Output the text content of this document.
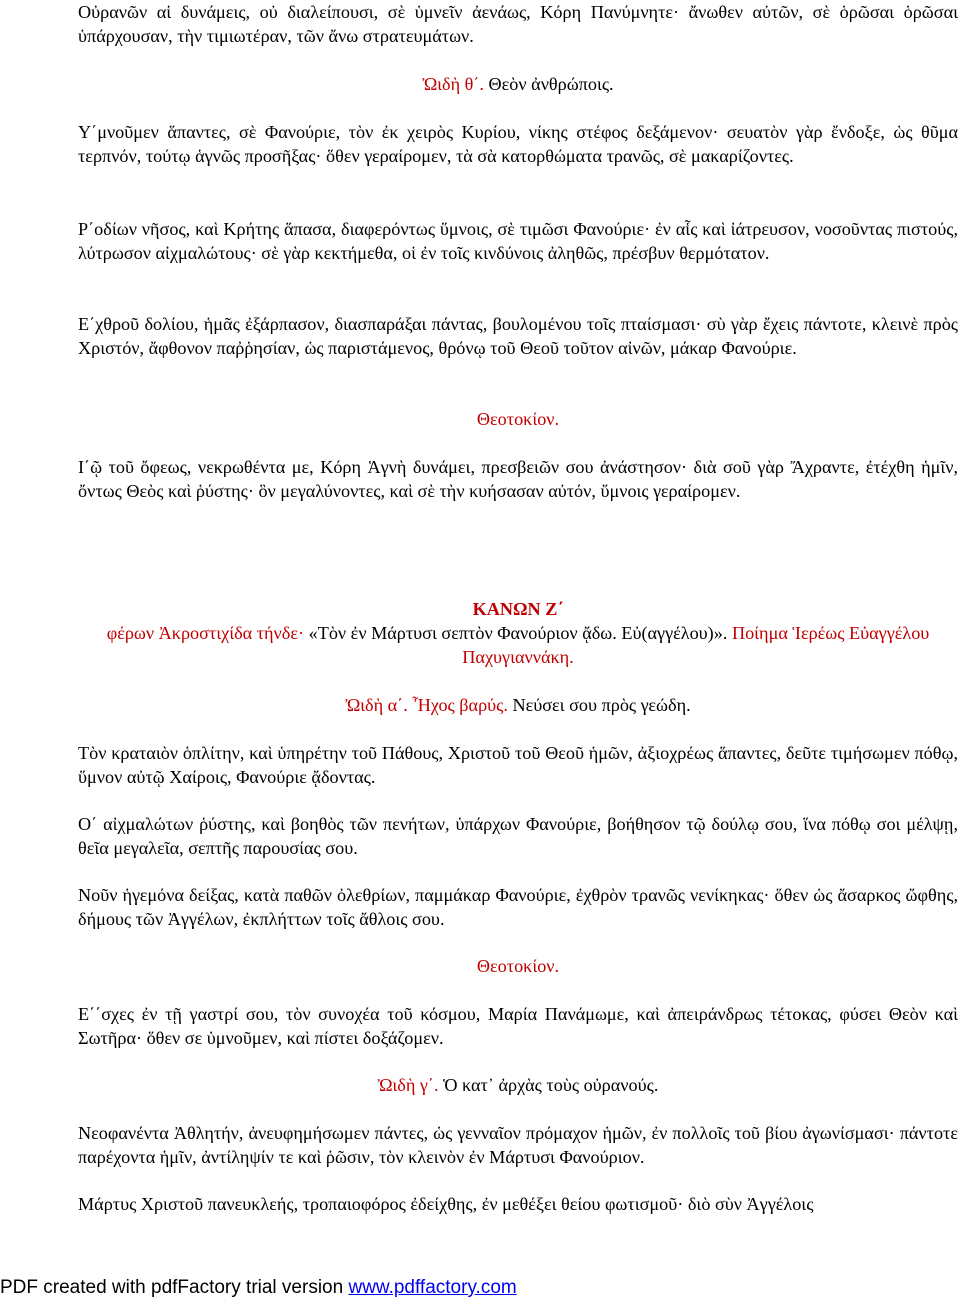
Οὐρανῶν αἱ δυνάμεις, οὐ διαλείπουσι, σὲ ὑμνεῖν ἀενάως, Κόρη Πανύμνητε· ἄνωθεν αὐτῶν, σὲ ὁρῶσαι ὁρῶσαι ὑπάρχουσαν, τὴν τιμιωτέραν, τῶν ἄνω στρατευμάτων.

Ὠιδὴ θ΄. Θεὸν ἀνθρώποις.

Υ΄μνοῦμεν ἅπαντες, σὲ Φανούριε, τὸν ἐκ χειρὸς Κυρίου, νίκης στέφος δεξάμενον· σευατὸν γὰρ ἔνδοξε, ὡς θῦμα τερπνόν, τούτῳ ἁγνῶς προσῆξας· ὅθεν γεραίρομεν, τὰ σὰ κατορθώματα τρανῶς, σὲ μακαρίζοντες.

Ρ΄οδίων νῆσος, καὶ Κρήτης ἅπασα, διαφερόντως ὕμνοις, σὲ τιμῶσι Φανούριε· ἐν αἷς καὶ ἰάτρευσον, νοσοῦντας πιστούς, λύτρωσον αἰχμαλώτους· σὲ γὰρ κεκτήμεθα, οἱ ἐν τοῖς κινδύνοις ἀληθῶς, πρέσβυν θερμότατον.

Ε΄χθροῦ δολίου, ἡμᾶς ἐξάρπασον, διασπαράξαι πάντας, βουλομένου τοῖς πταίσμασι· σὺ γὰρ ἔχεις πάντοτε, κλεινὲ πρὸς Χριστόν, ἄφθονον παῤῥησίαν, ὡς παριστάμενος, θρόνῳ τοῦ Θεοῦ τοῦτον αἰνῶν, μάκαρ Φανούριε.

Θεοτοκίον.

Ι΄ῷ τοῦ ὄφεως, νεκρωθέντα με, Κόρη Ἁγνὴ δυνάμει, πρεσβειῶν σου ἀνάστησον· διὰ σοῦ γὰρ Ἄχραντε, ἐτέχθη ἡμῖν, ὄντως Θεὸς καὶ ῥύστης· ὃν μεγαλύνοντες, καὶ σὲ τὴν κυήσασαν αὐτόν, ὕμνοις γεραίρομεν.

ΚΑΝΩΝ Ζ΄

φέρων Ἀκροστιχίδα τήνδε· «Τὸν ἐν Μάρτυσι σεπτὸν Φανούριον ᾄδω. Εὐ(αγγέλου)». Ποίημα Ἱερέως Εὐαγγέλου Παχυγιαννάκη.

Ὠιδὴ α΄. Ἦχος βαρύς. Νεύσει σου πρὸς γεώδη.

Τὸν κραταιὸν ὁπλίτην, καὶ ὑπηρέτην τοῦ Πάθους, Χριστοῦ τοῦ Θεοῦ ἡμῶν, ἀξιοχρέως ἅπαντες, δεῦτε τιμήσωμεν πόθῳ, ὕμνον αὐτῷ Χαίροις, Φανούριε ᾄδοντας.

Ο΄ αἰχμαλώτων ῥύστης, καὶ βοηθὸς τῶν πενήτων, ὑπάρχων Φανούριε, βοήθησον τῷ δούλῳ σου, ἵνα πόθῳ σοι μέλψῃ, θεῖα μεγαλεῖα, σεπτῆς παρουσίας σου.

Νοῦν ἡγεμόνα δείξας, κατὰ παθῶν ὀλεθρίων, παμμάκαρ Φανούριε, ἐχθρὸν τρανῶς νενίκηκας· ὅθεν ὡς ἄσαρκος ὤφθης, δήμους τῶν Ἀγγέλων, ἐκπλήττων τοῖς ἄθλοις σου.

Θεοτοκίον.

Ε΄΄σχες ἐν τῇ γαστρί σου, τὸν συνοχέα τοῦ κόσμου, Μαρία Πανάμωμε, καὶ ἀπειράνδρως τέτοκας, φύσει Θεὸν καὶ Σωτῆρα· ὅθεν σε ὑμνοῦμεν, καὶ πίστει δοξάζομεν.

Ὠιδὴ γ΄. Ὁ κατ᾽ ἀρχὰς τοὺς οὐρανούς.

Νεοφανέντα Ἀθλητήν, ἀνευφημήσωμεν πάντες, ὡς γενναῖον πρόμαχον ἡμῶν, ἐν πολλοῖς τοῦ βίου ἀγωνίσμασι· πάντοτε παρέχοντα ἡμῖν, ἀντίληψίν τε καὶ ῥῶσιν, τὸν κλεινὸν ἐν Μάρτυσι Φανούριον.

Μάρτυς Χριστοῦ πανευκλεής, τροπαιοφόρος ἐδείχθης, ἐν μεθέξει θείου φωτισμοῦ· διὸ σὺν Ἀγγέλοις

PDF created with pdfFactory trial version www.pdffactory.com
